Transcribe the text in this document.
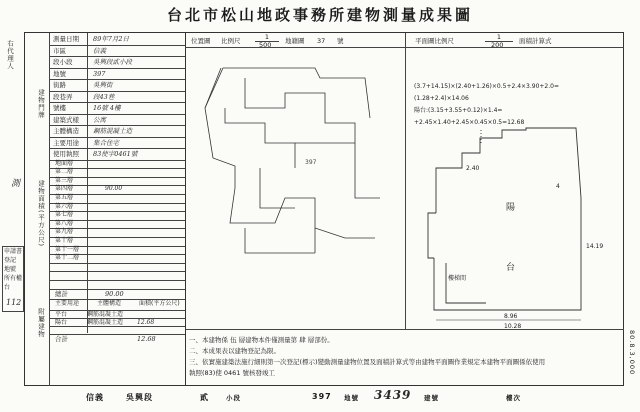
台北市松山地政事務所建物測量成果圖
右代理人
測
申請書
登記
地號
所有權
台
112
測量日期 89年7月2日
市區	信義
段小段	吳興段貳小段
地號	397
街路	吳興街
段巷弄	段43巷
號樓	16號 4樓
建築式樣 公寓
主體構造 鋼筋混凝土造
主要用途 集合住宅
使用執照 83使字0461號
建物門牌
地面層
第二層
第三層
第四層	90.00
第五層
第六層
第七層
第八層
第九層
第十層
第十一層
第十二層
建物面積(平方公尺)
總計	90.00
主要用途	主體構造	面積(平方公尺)
平台	鋼筋混凝土造
陽台	鋼筋混凝土造 12.68
合計	12.68
附屬建物
位置圖 比例尺	1
500 地籍圖 37 號	平面圖比例尺	1
200 面積計算式
397
(3.7+14.15)×(2.40+1.26)×0.5+2.4×3.90+2.0=
(1.28+2.4)×14.06
陽台:(3.15+3.55+0.12)×1.4=
+2.45×1.40+2.45×0.45×0.5=12.68
陽
台
樓梯間
4
2.40
14.19
8.96
10.28
一、本建物係 伍 層建物本件僅測量第 肆 層部份。
二、本成果表以建物登記為限。
三、依實施建築法施行細則第一次登記(標示)變動測量建物位置及面積計算式等由建物平面圖作業規定本建物平面圖係依使用
執照(83)使 0461 號核發竣工	80.8.3,000
信義	吳興段	貳	小段	397 地號 3439 建號	樓次
